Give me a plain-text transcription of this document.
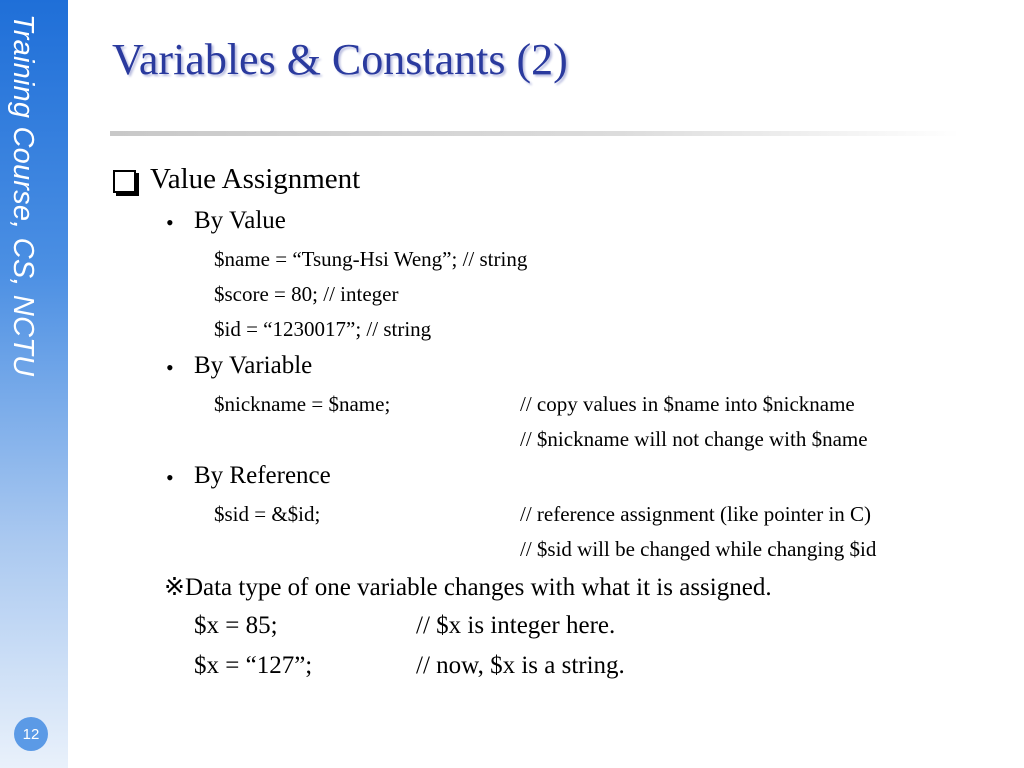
Training Course, CS, NCTU
12
Variables & Constants (2)
Value Assignment
• By Value
$name = “Tsung-Hsi Weng”; // string
$score = 80; // integer
$id = “1230017”; // string
• By Variable
$nickname = $name;	// copy values in $name into $nickname
// $nickname will not change with $name
• By Reference
$sid = &$id;	// reference assignment (like pointer in C)
// $sid will be changed while changing $id
※Data type of one variable changes with what it is assigned.
$x = 85;	// $x is integer here.
$x = “127”;	// now, $x is a string.
